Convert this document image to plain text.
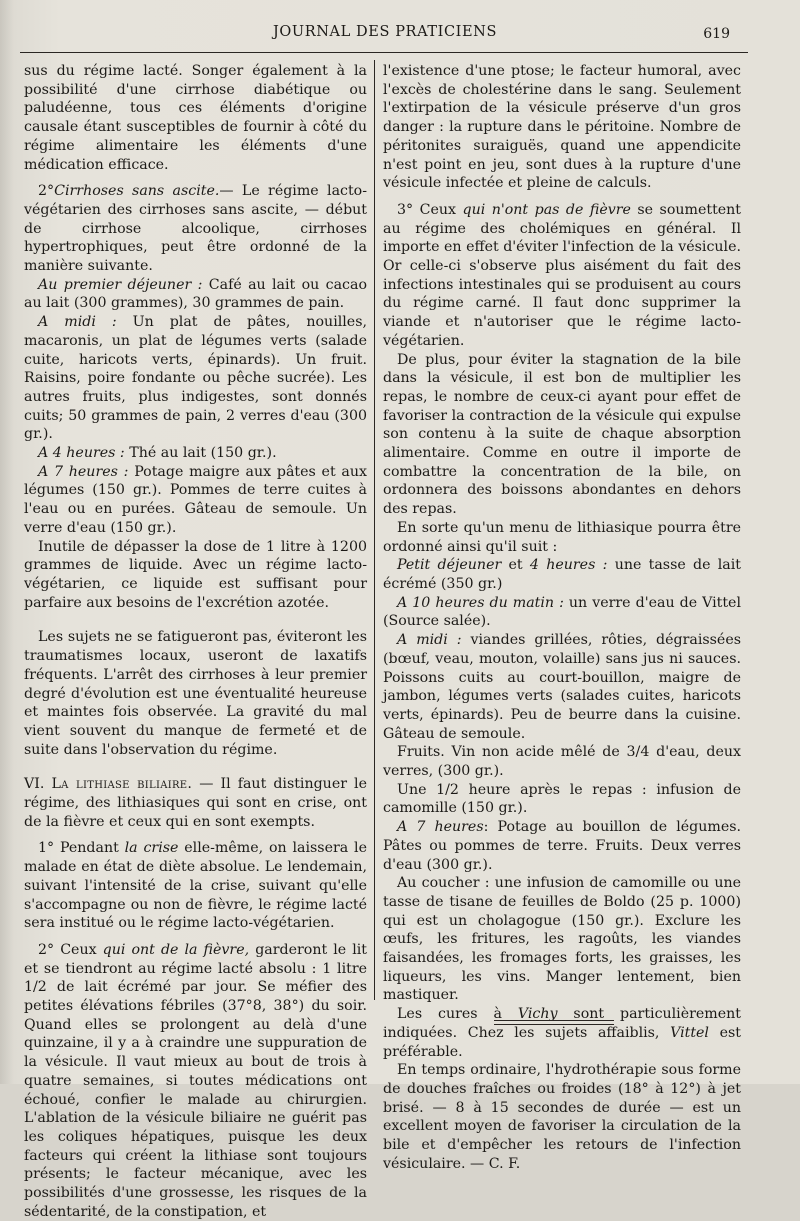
JOURNAL DES PRATICIENS	619

sus du régime lacté. Songer également à la possibilité d'une cirrhose diabétique ou paludéenne, tous ces éléments d'origine causale étant susceptibles de fournir à côté du régime alimentaire les éléments d'une médication efficace.

2°Cirrhoses sans ascite.— Le régime lacto-végétarien des cirrhoses sans ascite, — début de cirrhose alcoolique, cirrhoses hypertrophiques, peut être ordonné de la manière suivante.

Au premier déjeuner : Café au lait ou cacao au lait (300 grammes), 30 grammes de pain.

A midi : Un plat de pâtes, nouilles, macaronis, un plat de légumes verts (salade cuite, haricots verts, épinards). Un fruit. Raisins, poire fondante ou pêche sucrée). Les autres fruits, plus indigestes, sont donnés cuits; 50 grammes de pain, 2 verres d'eau (300 gr.).

A 4 heures : Thé au lait (150 gr.).

A 7 heures : Potage maigre aux pâtes et aux légumes (150 gr.). Pommes de terre cuites à l'eau ou en purées. Gâteau de semoule. Un verre d'eau (150 gr.).

Inutile de dépasser la dose de 1 litre à 1200 grammes de liquide. Avec un régime lacto-végétarien, ce liquide est suffisant pour parfaire aux besoins de l'excrétion azotée.

Les sujets ne se fatigueront pas, éviteront les traumatismes locaux, useront de laxatifs fréquents. L'arrêt des cirrhoses à leur premier degré d'évolution est une éventualité heureuse et maintes fois observée. La gravité du mal vient souvent du manque de fermeté et de suite dans l'observation du régime.

VI. La lithiase biliaire. — Il faut distinguer le régime, des lithiasiques qui sont en crise, ont de la fièvre et ceux qui en sont exempts.

1° Pendant la crise elle-même, on laissera le malade en état de diète absolue. Le lendemain, suivant l'intensité de la crise, suivant qu'elle s'accompagne ou non de fièvre, le régime lacté sera institué ou le régime lacto-végétarien.

2° Ceux qui ont de la fièvre, garderont le lit et se tiendront au régime lacté absolu : 1 litre 1/2 de lait écrémé par jour. Se méfier des petites élévations fébriles (37°8, 38°) du soir. Quand elles se prolongent au delà d'une quinzaine, il y a à craindre une suppuration de la vésicule. Il vaut mieux au bout de trois à quatre semaines, si toutes médications ont échoué, confier le malade au chirurgien. L'ablation de la vésicule biliaire ne guérit pas les coliques hépatiques, puisque les deux facteurs qui créent la lithiase sont toujours présents; le facteur mécanique, avec les possibilités d'une grossesse, les risques de la sédentarité, de la constipation, et

l'existence d'une ptose; le facteur humoral, avec l'excès de cholestérine dans le sang. Seulement l'extirpation de la vésicule préserve d'un gros danger : la rupture dans le péritoine. Nombre de péritonites suraiguës, quand une appendicite n'est point en jeu, sont dues à la rupture d'une vésicule infectée et pleine de calculs.

3° Ceux qui n'ont pas de fièvre se soumettent au régime des cholémiques en général. Il importe en effet d'éviter l'infection de la vésicule. Or celle-ci s'observe plus aisément du fait des infections intestinales qui se produisent au cours du régime carné. Il faut donc supprimer la viande et n'autoriser que le régime lacto-végétarien.

De plus, pour éviter la stagnation de la bile dans la vésicule, il est bon de multiplier les repas, le nombre de ceux-ci ayant pour effet de favoriser la contraction de la vésicule qui expulse son contenu à la suite de chaque absorption alimentaire. Comme en outre il importe de combattre la concentration de la bile, on ordonnera des boissons abondantes en dehors des repas.

En sorte qu'un menu de lithiasique pourra être ordonné ainsi qu'il suit :

Petit déjeuner et 4 heures : une tasse de lait écrémé (350 gr.)

A 10 heures du matin : un verre d'eau de Vittel (Source salée).

A midi : viandes grillées, rôties, dégraissées (bœuf, veau, mouton, volaille) sans jus ni sauces. Poissons cuits au court-bouillon, maigre de jambon, légumes verts (salades cuites, haricots verts, épinards). Peu de beurre dans la cuisine. Gâteau de semoule.

Fruits. Vin non acide mêlé de 3/4 d'eau, deux verres, (300 gr.).

Une 1/2 heure après le repas : infusion de camomille (150 gr.).

A 7 heures: Potage au bouillon de légumes. Pâtes ou pommes de terre. Fruits. Deux verres d'eau (300 gr.).

Au coucher : une infusion de camomille ou une tasse de tisane de feuilles de Boldo (25 p. 1000) qui est un cholagogue (150 gr.). Exclure les œufs, les fritures, les ragoûts, les viandes faisandées, les fromages forts, les graisses, les liqueurs, les vins. Manger lentement, bien mastiquer.

Les cures à Vichy sont particulièrement indiquées. Chez les sujets affaiblis, Vittel est préférable.

En temps ordinaire, l'hydrothérapie sous forme de douches fraîches ou froides (18° à 12°) à jet brisé. — 8 à 15 secondes de durée — est un excellent moyen de favoriser la circulation de la bile et d'empêcher les retours de l'infection vésiculaire. — C. F.
